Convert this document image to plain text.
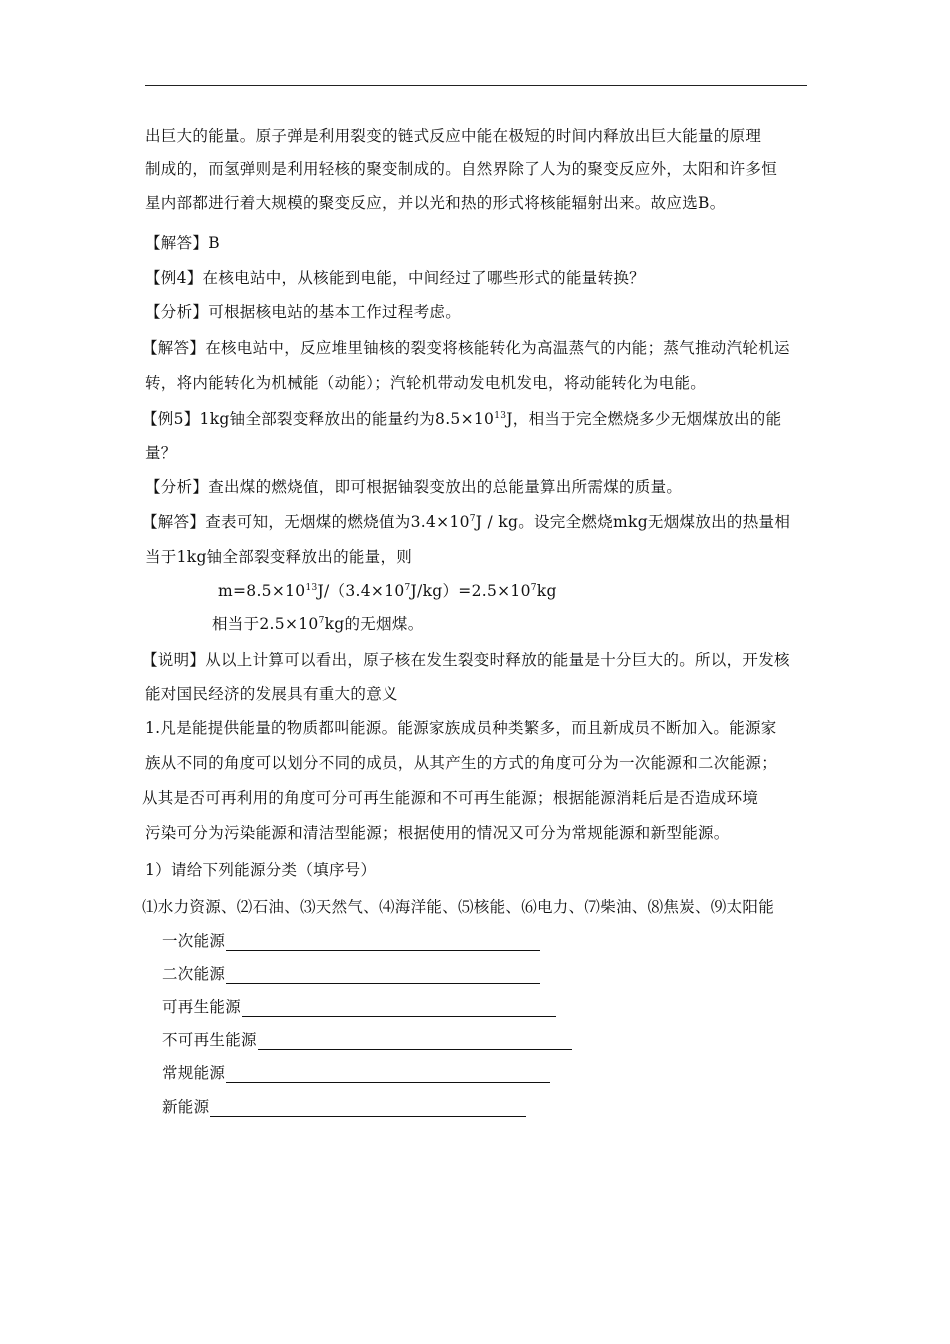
出巨大的能量。原子弹是利用裂变的链式反应中能在极短的时间内释放出巨大能量的原理
制成的，而氢弹则是利用轻核的聚变制成的。自然界除了人为的聚变反应外，太阳和许多恒
星内部都进行着大规模的聚变反应，并以光和热的形式将核能辐射出来。故应选B。
【解答】B
【例4】在核电站中，从核能到电能，中间经过了哪些形式的能量转换？
【分析】可根据核电站的基本工作过程考虑。
【解答】在核电站中，反应堆里铀核的裂变将核能转化为高温蒸气的内能；蒸气推动汽轮机运
转，将内能转化为机械能（动能）；汽轮机带动发电机发电，将动能转化为电能。
【例5】1kg铀全部裂变释放出的能量约为$8.5\times 10^{13}J$，相当于完全燃烧多少无烟煤放出的能
量？
【分析】查出煤的燃烧值，即可根据铀裂变放出的总能量算出所需煤的质量。
【解答】查表可知，无烟煤的燃烧值为$3.4\times 10^7J$ / kg。设完全燃烧mkg无烟煤放出的热量相
当于1kg铀全部裂变释放出的能量，则
$m=8.5\times 10^{13}J/(3.4\times 10^7J/kg)=2.5\times 10^7kg$
相当于$2.5\times 10^7kg$的无烟煤。
【说明】从以上计算可以看出，原子核在发生裂变时释放的能量是十分巨大的。所以，开发核
能对国民经济的发展具有重大的意义
1.凡是能提供能量的物质都叫能源。能源家族成员种类繁多，而且新成员不断加入。能源家
族从不同的角度可以划分不同的成员，从其产生的方式的角度可分为一次能源和二次能源；
从其是否可再利用的角度可分可再生能源和不可再生能源；根据能源消耗后是否造成环境
污染可分为污染能源和清洁型能源；根据使用的情况又可分为常规能源和新型能源。
1）请给下列能源分类（填序号）
⑴水力资源、⑵石油、⑶天然气、⑷海洋能、⑸核能、⑹电力、⑺柴油、⑻焦炭、⑼太阳能
一次能源
二次能源
可再生能源
不可再生能源
常规能源
新能源
